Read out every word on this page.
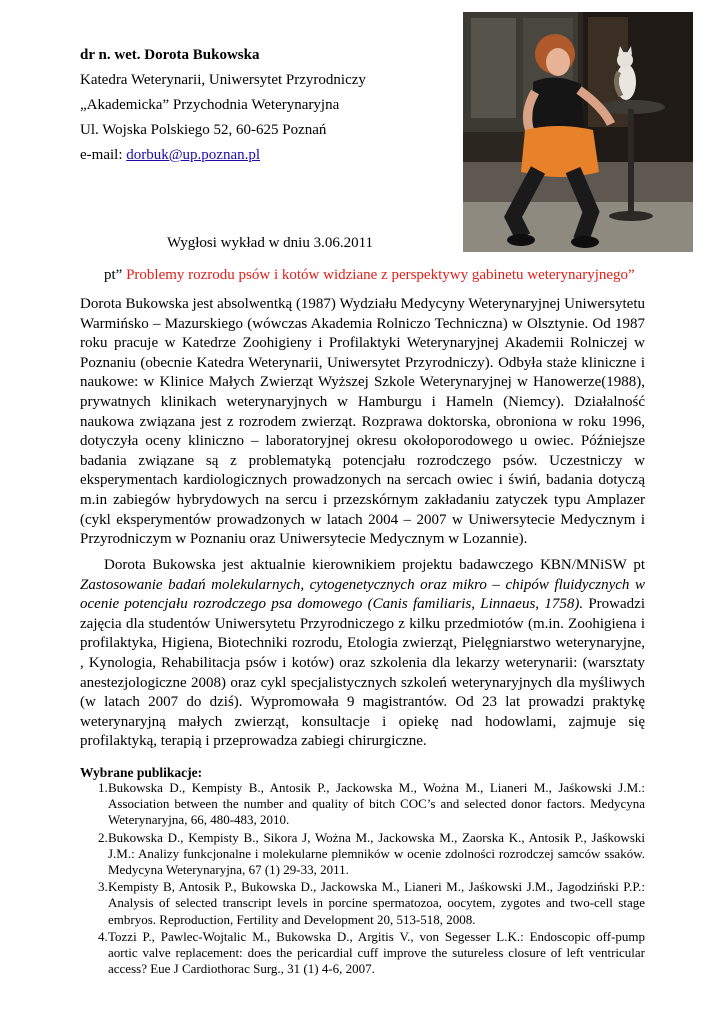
dr n. wet. Dorota Bukowska
Katedra Weterynarii, Uniwersytet Przyrodniczy
„Akademicka” Przychodnia Weterynaryjna
Ul. Wojska Polskiego 52, 60-625 Poznań
e-mail: dorbuk@up.poznan.pl
Wygłosi wykład w dniu 3.06.2011
pt” Problemy rozrodu psów i kotów widziane z perspektywy gabinetu weterynaryjnego”

Dorota Bukowska jest absolwentką (1987) Wydziału Medycyny Weterynaryjnej Uniwersytetu Warmińsko – Mazurskiego (wówczas Akademia Rolniczo Techniczna) w Olsztynie. Od 1987 roku pracuje w Katedrze Zoohigieny i Profilaktyki Weterynaryjnej Akademii Rolniczej w Poznaniu (obecnie Katedra Weterynarii, Uniwersytet Przyrodniczy). Odbyła staże kliniczne i naukowe: w Klinice Małych Zwierząt Wyższej Szkole Weterynaryjnej w Hanowerze(1988), prywatnych klinikach weterynaryjnych w Hamburgu i Hameln (Niemcy). Działalność naukowa związana jest z rozrodem zwierząt. Rozprawa doktorska, obroniona w roku 1996, dotyczyła oceny kliniczno – laboratoryjnej okresu okołoporodowego u owiec. Późniejsze badania związane są z problematyką potencjału rozrodczego psów. Uczestniczy w eksperymentach kardiologicznych prowadzonych na sercach owiec i świń, badania dotyczą m.in zabiegów hybrydowych na sercu i przezskórnym zakładaniu zatyczek typu Amplazer (cykl eksperymentów prowadzonych w latach 2004 – 2007 w Uniwersytecie Medycznym i Przyrodniczym w Poznaniu oraz Uniwersytecie Medycznym w Lozannie).

Dorota Bukowska jest aktualnie kierownikiem projektu badawczego KBN/MNiSW pt Zastosowanie badań molekularnych, cytogenetycznych oraz mikro – chipów fluidycznych w ocenie potencjału rozrodczego psa domowego (Canis familiaris, Linnaeus, 1758). Prowadzi zajęcia dla studentów Uniwersytetu Przyrodniczego z kilku przedmiotów (m.in. Zoohigiena i profilaktyka, Higiena, Biotechniki rozrodu, Etologia zwierząt, Pielęgniarstwo weterynaryjne, , Kynologia, Rehabilitacja psów i kotów) oraz szkolenia dla lekarzy weterynarii: (warsztaty anestezjologiczne 2008) oraz cykl specjalistycznych szkoleń weterynaryjnych dla myśliwych (w latach 2007 do dziś). Wypromowała 9 magistrantów. Od 23 lat prowadzi praktykę weterynaryjną małych zwierząt, konsultacje i opiekę nad hodowlami, zajmuje się profilaktyką, terapią i przeprowadza zabiegi chirurgiczne.

Wybrane publikacje:
1. Bukowska D., Kempisty B., Antosik P., Jackowska M., Wożna M., Lianeri M., Jaśkowski J.M.: Association between the number and quality of bitch COC’s and selected donor factors. Medycyna Weterynaryjna, 66, 480-483, 2010.
2. Bukowska D., Kempisty B., Sikora J, Wożna M., Jackowska M., Zaorska K., Antosik P., Jaśkowski J.M.: Analizy funkcjonalne i molekularne plemników w ocenie zdolności rozrodczej samców ssaków. Medycyna Weterynaryjna, 67 (1) 29-33, 2011.
3. Kempisty B, Antosik P., Bukowska D., Jackowska M., Lianeri M., Jaśkowski J.M., Jagodziński P.P.: Analysis of selected transcript levels in porcine spermatozoa, oocytem, zygotes and two-cell stage embryos. Reproduction, Fertility and Development 20, 513-518, 2008.
4. Tozzi P., Pawlec-Wojtalic M., Bukowska D., Argitis V., von Segesser L.K.: Endoscopic off-pump aortic valve replacement: does the pericardial cuff improve the sutureless closure of left ventricular access? Eue J Cardiothorac Surg., 31 (1) 4-6, 2007.
